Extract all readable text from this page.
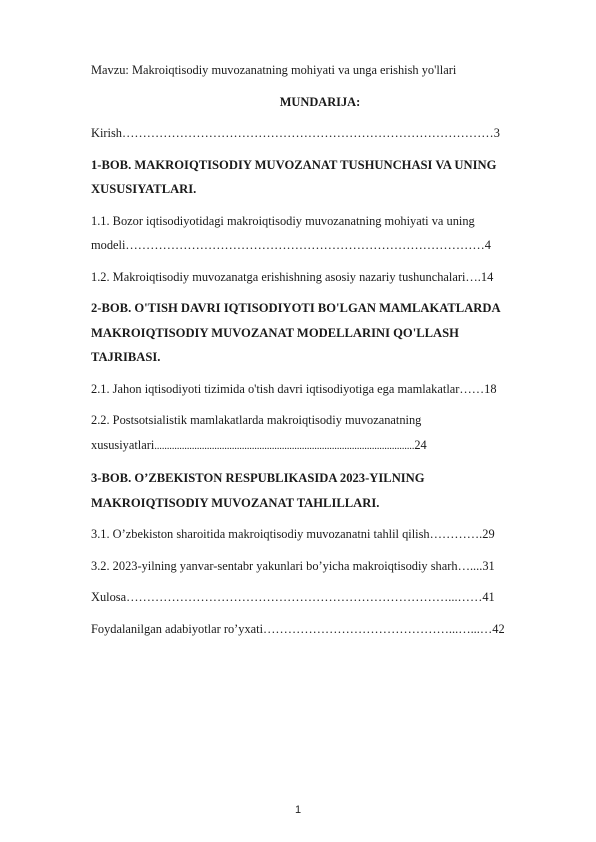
Mavzu: Makroiqtisodiy muvozanatning mohiyati va unga erishish yo'llari
MUNDARIJA:
Kirish………………………………………………………………………………3
1-BOB. MAKROIQTISODIY MUVOZANAT TUSHUNCHASI VA UNING
XUSUSIYATLARI.
1.1. Bozor iqtisodiyotidagi makroiqtisodiy muvozanatning mohiyati va uning
modeli……………………………………………………………………………4
1.2. Makroiqtisodiy muvozanatga erishishning asosiy nazariy tushunchalari….14
2-BOB. O'TISH DAVRI IQTISODIYOTI BO'LGAN MAMLAKATLARDA
MAKROIQTISODIY MUVOZANAT MODELLARINI QO'LLASH
TAJRIBASI.
2.1. Jahon iqtisodiyoti tizimida o'tish davri iqtisodiyotiga ega mamlakatlar……18
2.2. Postsotsialistik mamlakatlarda makroiqtisodiy muvozanatning
xususiyatlari........................................................................................................24
3-BOB. O’ZBEKISTON RESPUBLIKASIDA 2023-YILNING
MAKROIQTISODIY MUVOZANAT TAHLILLARI.
3.1. O’zbekiston sharoitida makroiqtisodiy muvozanatni tahlil qilish………….29
3.2. 2023-yilning yanvar-sentabr yakunlari bo’yicha makroiqtisodiy sharh…....31
Xulosa……………………………………………………………………...……41
Foydalanilgan adabiyotlar ro’yxati………………………………………...…...…42
1
